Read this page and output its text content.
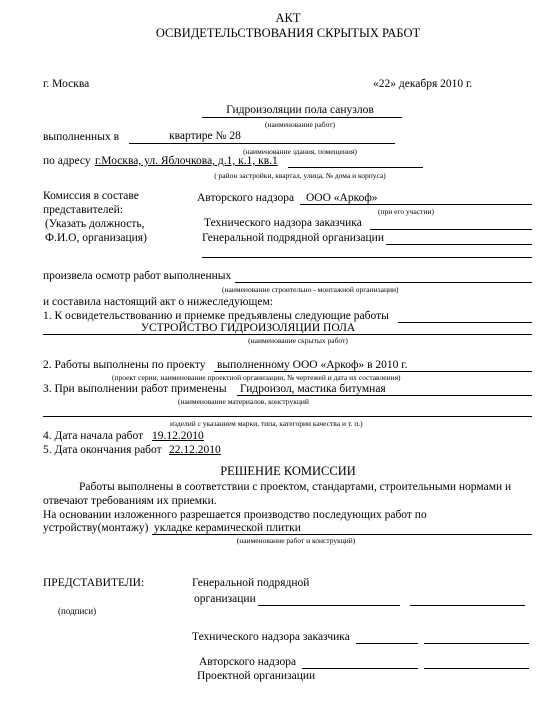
АКТ
ОСВИДЕТЕЛЬСТВОВАНИЯ СКРЫТЫХ РАБОТ
г. Москва	«22» декабря 2010 г.
Гидроизоляции пола санузлов
(наименование работ)
выполненных в	квартире № 28
(наименование здания, помещения)
по адресу г.Москва, ул. Яблочкова, д.1, к.1, кв.1
( район застройки, квартал, улица, № дома и корпуса)
Комиссия в составе
представителей:
(Указать должность,
Ф.И.О, организация)
Авторского надзора ООО «Аркоф»
(при его участии)
Технического надзора заказчика
Генеральной подрядной организации
произвела осмотр работ выполненных
(наименование строительно - монтажной организации)
и составила настоящий акт о нижеследующем:
1. К освидетельствованию и приемке предъявлены следующие работы
УСТРОЙСТВО ГИДРОИЗОЛЯЦИИ ПОЛА
(наименование скрытых работ)
2. Работы выполнены по проекту выполненному ООО «Аркоф» в 2010 г.
(проект серии, наименование проектной организации, № чертежей и дата их составления)
3. При выполнении работ применены Гидроизол, мастика битумная
(наименование материалов, конструкций
изделий с указанием марки, типа, категории качества и т. п.)
4. Дата начала работ 19.12.2010
5. Дата окончания работ 22.12.2010
РЕШЕНИЕ КОМИССИИ
Работы выполнены в соответствии с проектом, стандартами, строительными нормами и
отвечают требованиям их приемки.
На основании изложенного разрешается производство последующих работ по
устройству(монтажу) укладке керамической плитки
(наименование работ и конструкций)
ПРЕДСТАВИТЕЛИ:
(подписи)
Генеральной подрядной
организации
Технического надзора заказчика
Авторского надзора
Проектной организации
